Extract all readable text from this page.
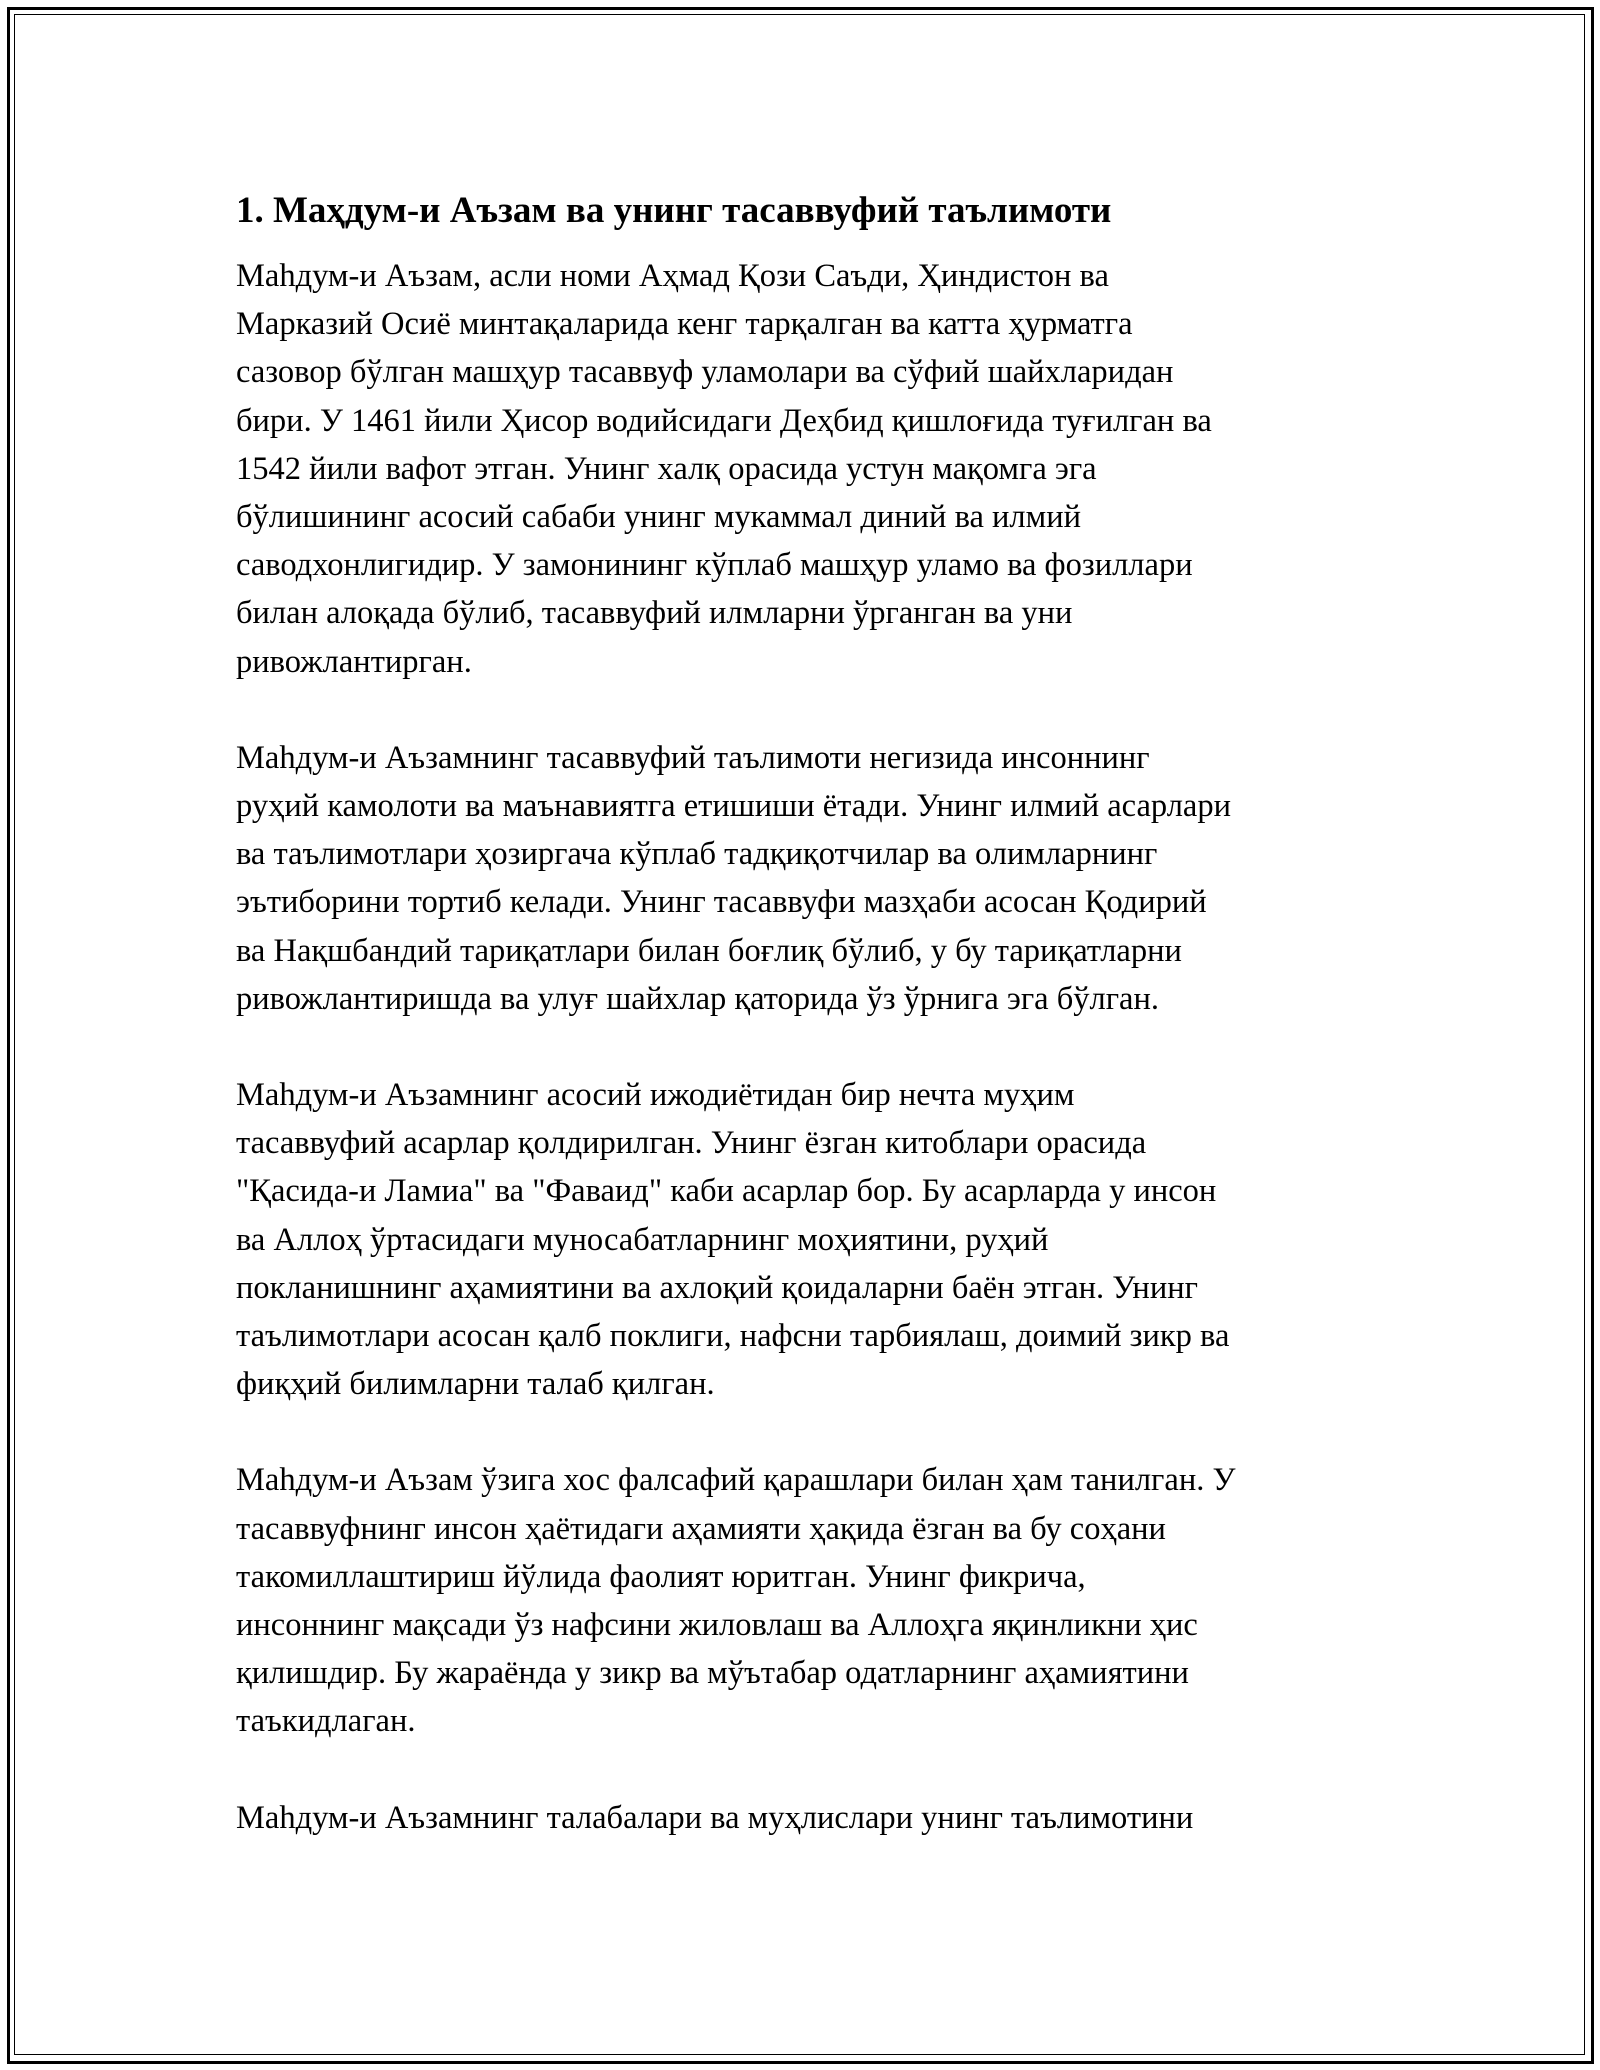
1. Маҳдум-и Аъзам ва унинг тасаввуфий таълимоти
Maһдум-и Аъзам, асли номи Аҳмад Қози Саъди, Ҳиндистон ва
Марказий Осиё минтақаларида кенг тарқалган ва катта ҳурматга
сазовор бўлган машҳур тасаввуф уламолари ва сўфий шайхларидан
бири. У 1461 йили Ҳисор водийсидаги Деҳбид қишлоғида туғилган ва
1542 йили вафот этган. Унинг халқ орасида устун мақомга эга
бўлишининг асосий сабаби унинг мукаммал диний ва илмий
саводхонлигидир. У замонининг кўплаб машҳур уламо ва фозиллари
билан алоқада бўлиб, тасаввуфий илмларни ўрганган ва уни
ривожлантирган.
Maһдум-и Аъзамнинг тасаввуфий таълимоти негизида инсоннинг
руҳий камолоти ва маънавиятга етишиши ётади. Унинг илмий асарлари
ва таълимотлари ҳозиргача кўплаб тадқиқотчилар ва олимларнинг
эътиборини тортиб келади. Унинг тасаввуфи мазҳаби асосан Қодирий
ва Нақшбандий тариқатлари билан боғлиқ бўлиб, у бу тариқатларни
ривожлантиришда ва улуғ шайхлар қаторида ўз ўрнига эга бўлган.
Maһдум-и Аъзамнинг асосий ижодиётидан бир нечта муҳим
тасаввуфий асарлар қолдирилган. Унинг ёзган китоблари орасида
"Қасида-и Ламиа" ва "Фаваид" каби асарлар бор. Бу асарларда у инсон
ва Аллоҳ ўртасидаги муносабатларнинг моҳиятини, руҳий
покланишнинг аҳамиятини ва ахлоқий қоидаларни баён этган. Унинг
таълимотлари асосан қалб поклиги, нафсни тарбиялаш, доимий зикр ва
фиқҳий билимларни талаб қилган.
Maһдум-и Аъзам ўзига хос фалсафий қарашлари билан ҳам танилган. У
тасаввуфнинг инсон ҳаётидаги аҳамияти ҳақида ёзган ва бу соҳани
такомиллаштириш йўлида фаолият юритган. Унинг фикрича,
инсоннинг мақсади ўз нафсини жиловлаш ва Аллоҳга яқинликни ҳис
қилишдир. Бу жараёнда у зикр ва мўътабар одатларнинг аҳамиятини
таъкидлаган.
Maһдум-и Аъзамнинг талабалари ва муҳлислари унинг таълимотини
